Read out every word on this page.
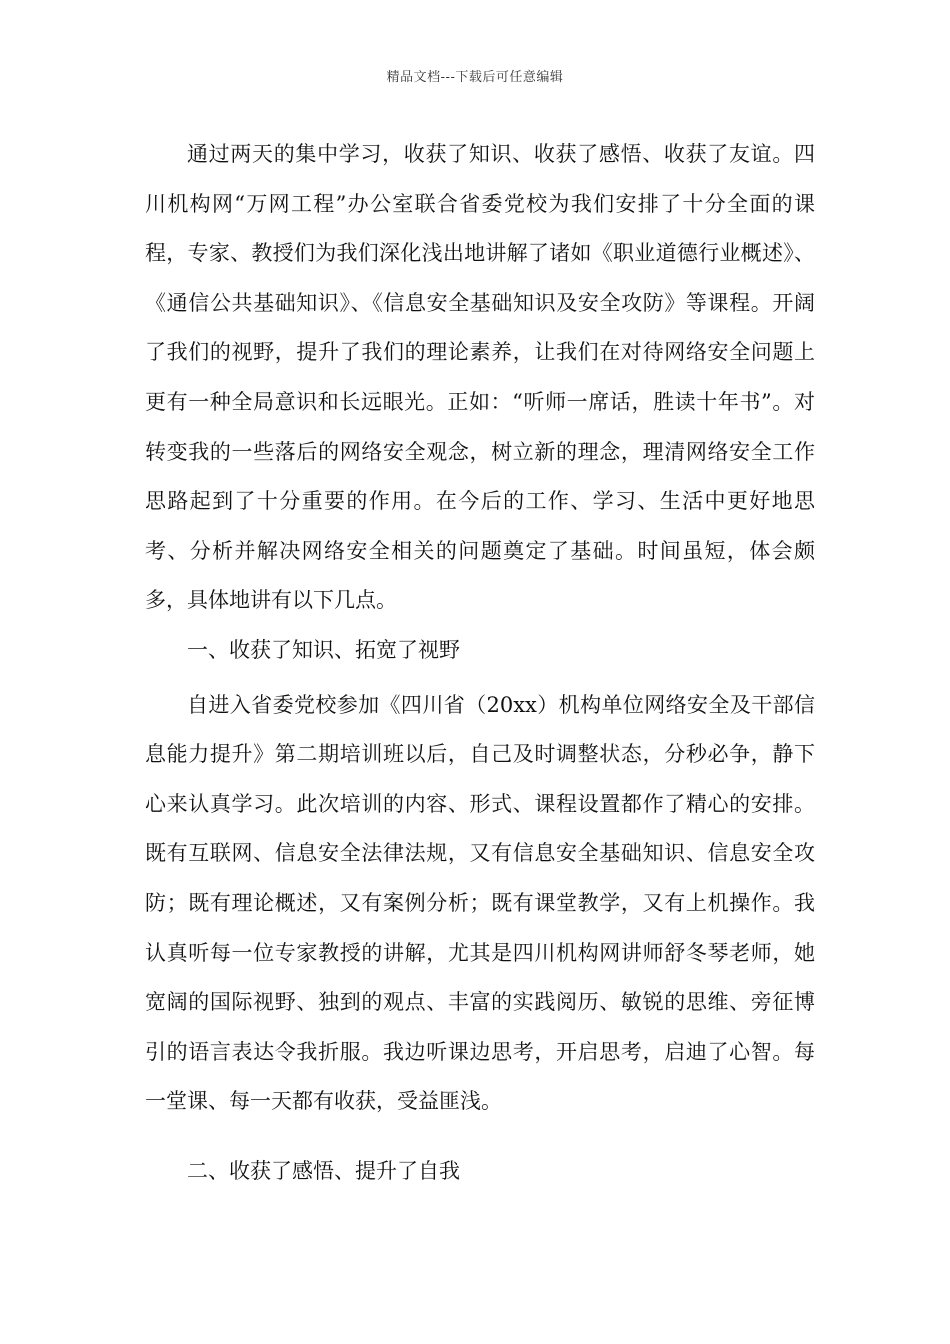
精品文档---下载后可任意编辑

通过两天的集中学习，收获了知识、收获了感悟、收获了友谊。四川机构网“万网工程”办公室联合省委党校为我们安排了十分全面的课程，专家、教授们为我们深化浅出地讲解了诸如《职业道德行业概述》、《通信公共基础知识》、《信息安全基础知识及安全攻防》等课程。开阔了我们的视野，提升了我们的理论素养，让我们在对待网络安全问题上更有一种全局意识和长远眼光。正如：“听师一席话，胜读十年书”。对转变我的一些落后的网络安全观念，树立新的理念，理清网络安全工作思路起到了十分重要的作用。在今后的工作、学习、生活中更好地思考、分析并解决网络安全相关的问题奠定了基础。时间虽短，体会颇多，具体地讲有以下几点。

一、收获了知识、拓宽了视野

自进入省委党校参加《四川省（20xx）机构单位网络安全及干部信息能力提升》第二期培训班以后，自己及时调整状态，分秒必争，静下心来认真学习。此次培训的内容、形式、课程设置都作了精心的安排。既有互联网、信息安全法律法规，又有信息安全基础知识、信息安全攻防；既有理论概述，又有案例分析；既有课堂教学，又有上机操作。我认真听每一位专家教授的讲解，尤其是四川机构网讲师舒冬琴老师，她宽阔的国际视野、独到的观点、丰富的实践阅历、敏锐的思维、旁征博引的语言表达令我折服。我边听课边思考，开启思考，启迪了心智。每一堂课、每一天都有收获，受益匪浅。

二、收获了感悟、提升了自我
